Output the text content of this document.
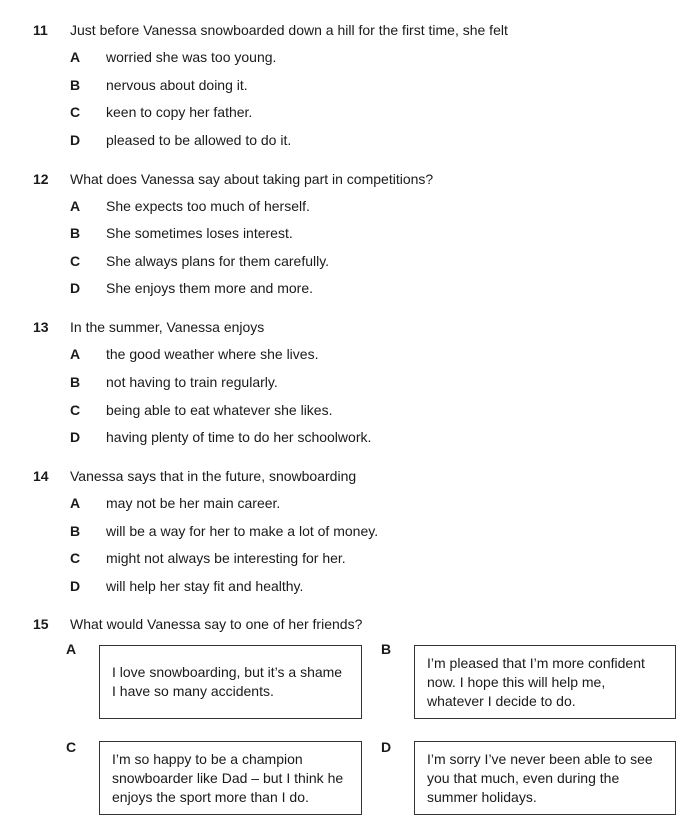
11 Just before Vanessa snowboarded down a hill for the first time, she felt
A worried she was too young.
B nervous about doing it.
C keen to copy her father.
D pleased to be allowed to do it.
12 What does Vanessa say about taking part in competitions?
A She expects too much of herself.
B She sometimes loses interest.
C She always plans for them carefully.
D She enjoys them more and more.
13 In the summer, Vanessa enjoys
A the good weather where she lives.
B not having to train regularly.
C being able to eat whatever she likes.
D having plenty of time to do her schoolwork.
14 Vanessa says that in the future, snowboarding
A may not be her main career.
B will be a way for her to make a lot of money.
C might not always be interesting for her.
D will help her stay fit and healthy.
15 What would Vanessa say to one of her friends?
A
I love snowboarding, but it’s a shame I have so many accidents.
B
I’m pleased that I’m more confident now. I hope this will help me, whatever I decide to do.
C
I’m so happy to be a champion snowboarder like Dad – but I think he enjoys the sport more than I do.
D
I’m sorry I’ve never been able to see you that much, even during the summer holidays.
